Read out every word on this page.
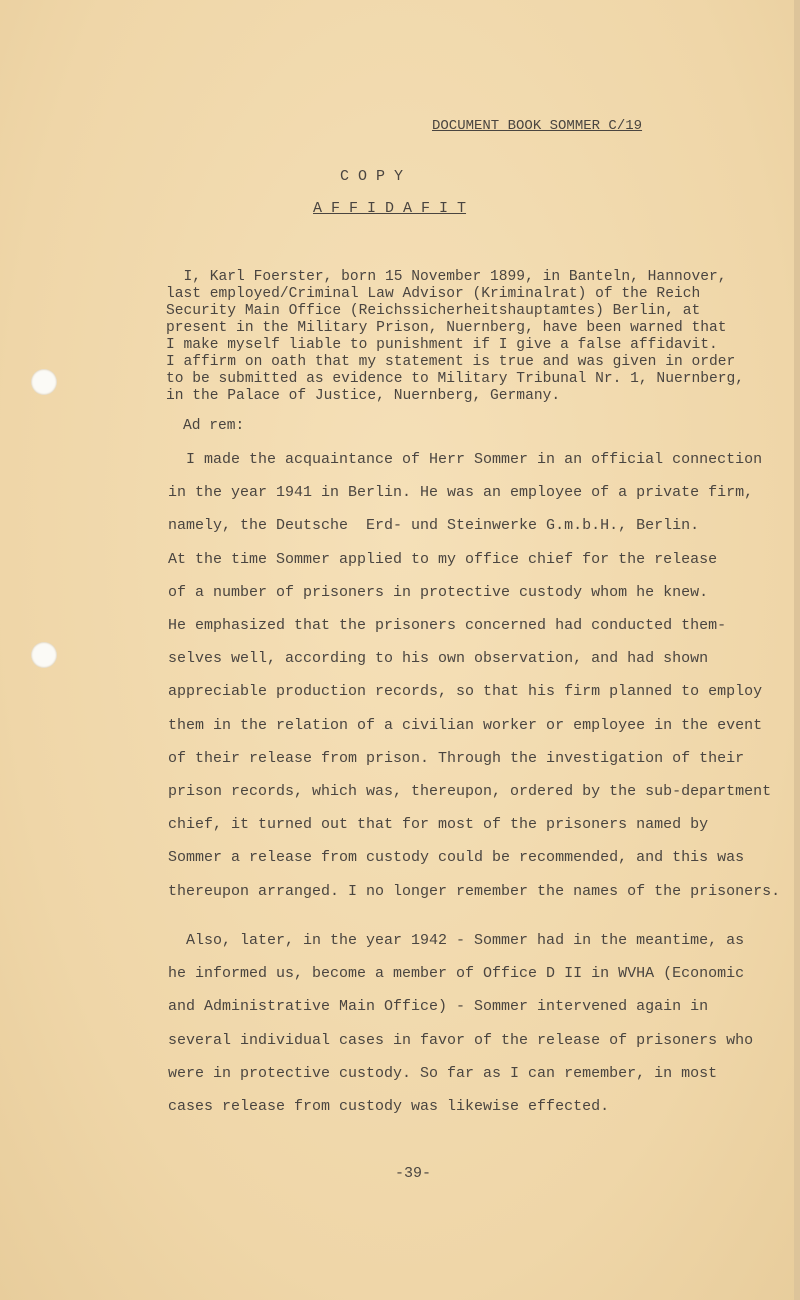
DOCUMENT BOOK SOMMER C/19
C O P Y
A F F I D A F I T
I, Karl Foerster, born 15 November 1899, in Banteln, Hannover,
last employed/Criminal Law Advisor (Kriminalrat) of the Reich
Security Main Office (Reichssicherheitshauptamtes) Berlin, at
present in the Military Prison, Nuernberg, have been warned that
I make myself liable to punishment if I give a false affidavit.
I affirm on oath that my statement is true and was given in order
to be submitted as evidence to Military Tribunal Nr. 1, Nuernberg,
in the Palace of Justice, Nuernberg, Germany.
Ad rem:
I made the acquaintance of Herr Sommer in an official connection
in the year 1941 in Berlin. He was an employee of a private firm,
namely, the Deutsche  Erd- und Steinwerke G.m.b.H., Berlin.
At the time Sommer applied to my office chief for the release
of a number of prisoners in protective custody whom he knew.
He emphasized that the prisoners concerned had conducted them-
selves well, according to his own observation, and had shown
appreciable production records, so that his firm planned to employ
them in the relation of a civilian worker or employee in the event
of their release from prison. Through the investigation of their
prison records, which was, thereupon, ordered by the sub-department
chief, it turned out that for most of the prisoners named by
Sommer a release from custody could be recommended, and this was
thereupon arranged. I no longer remember the names of the prisoners.
Also, later, in the year 1942 - Sommer had in the meantime, as
he informed us, become a member of Office D II in WVHA (Economic
and Administrative Main Office) - Sommer intervened again in
several individual cases in favor of the release of prisoners who
were in protective custody. So far as I can remember, in most
cases release from custody was likewise effected.
-39-
